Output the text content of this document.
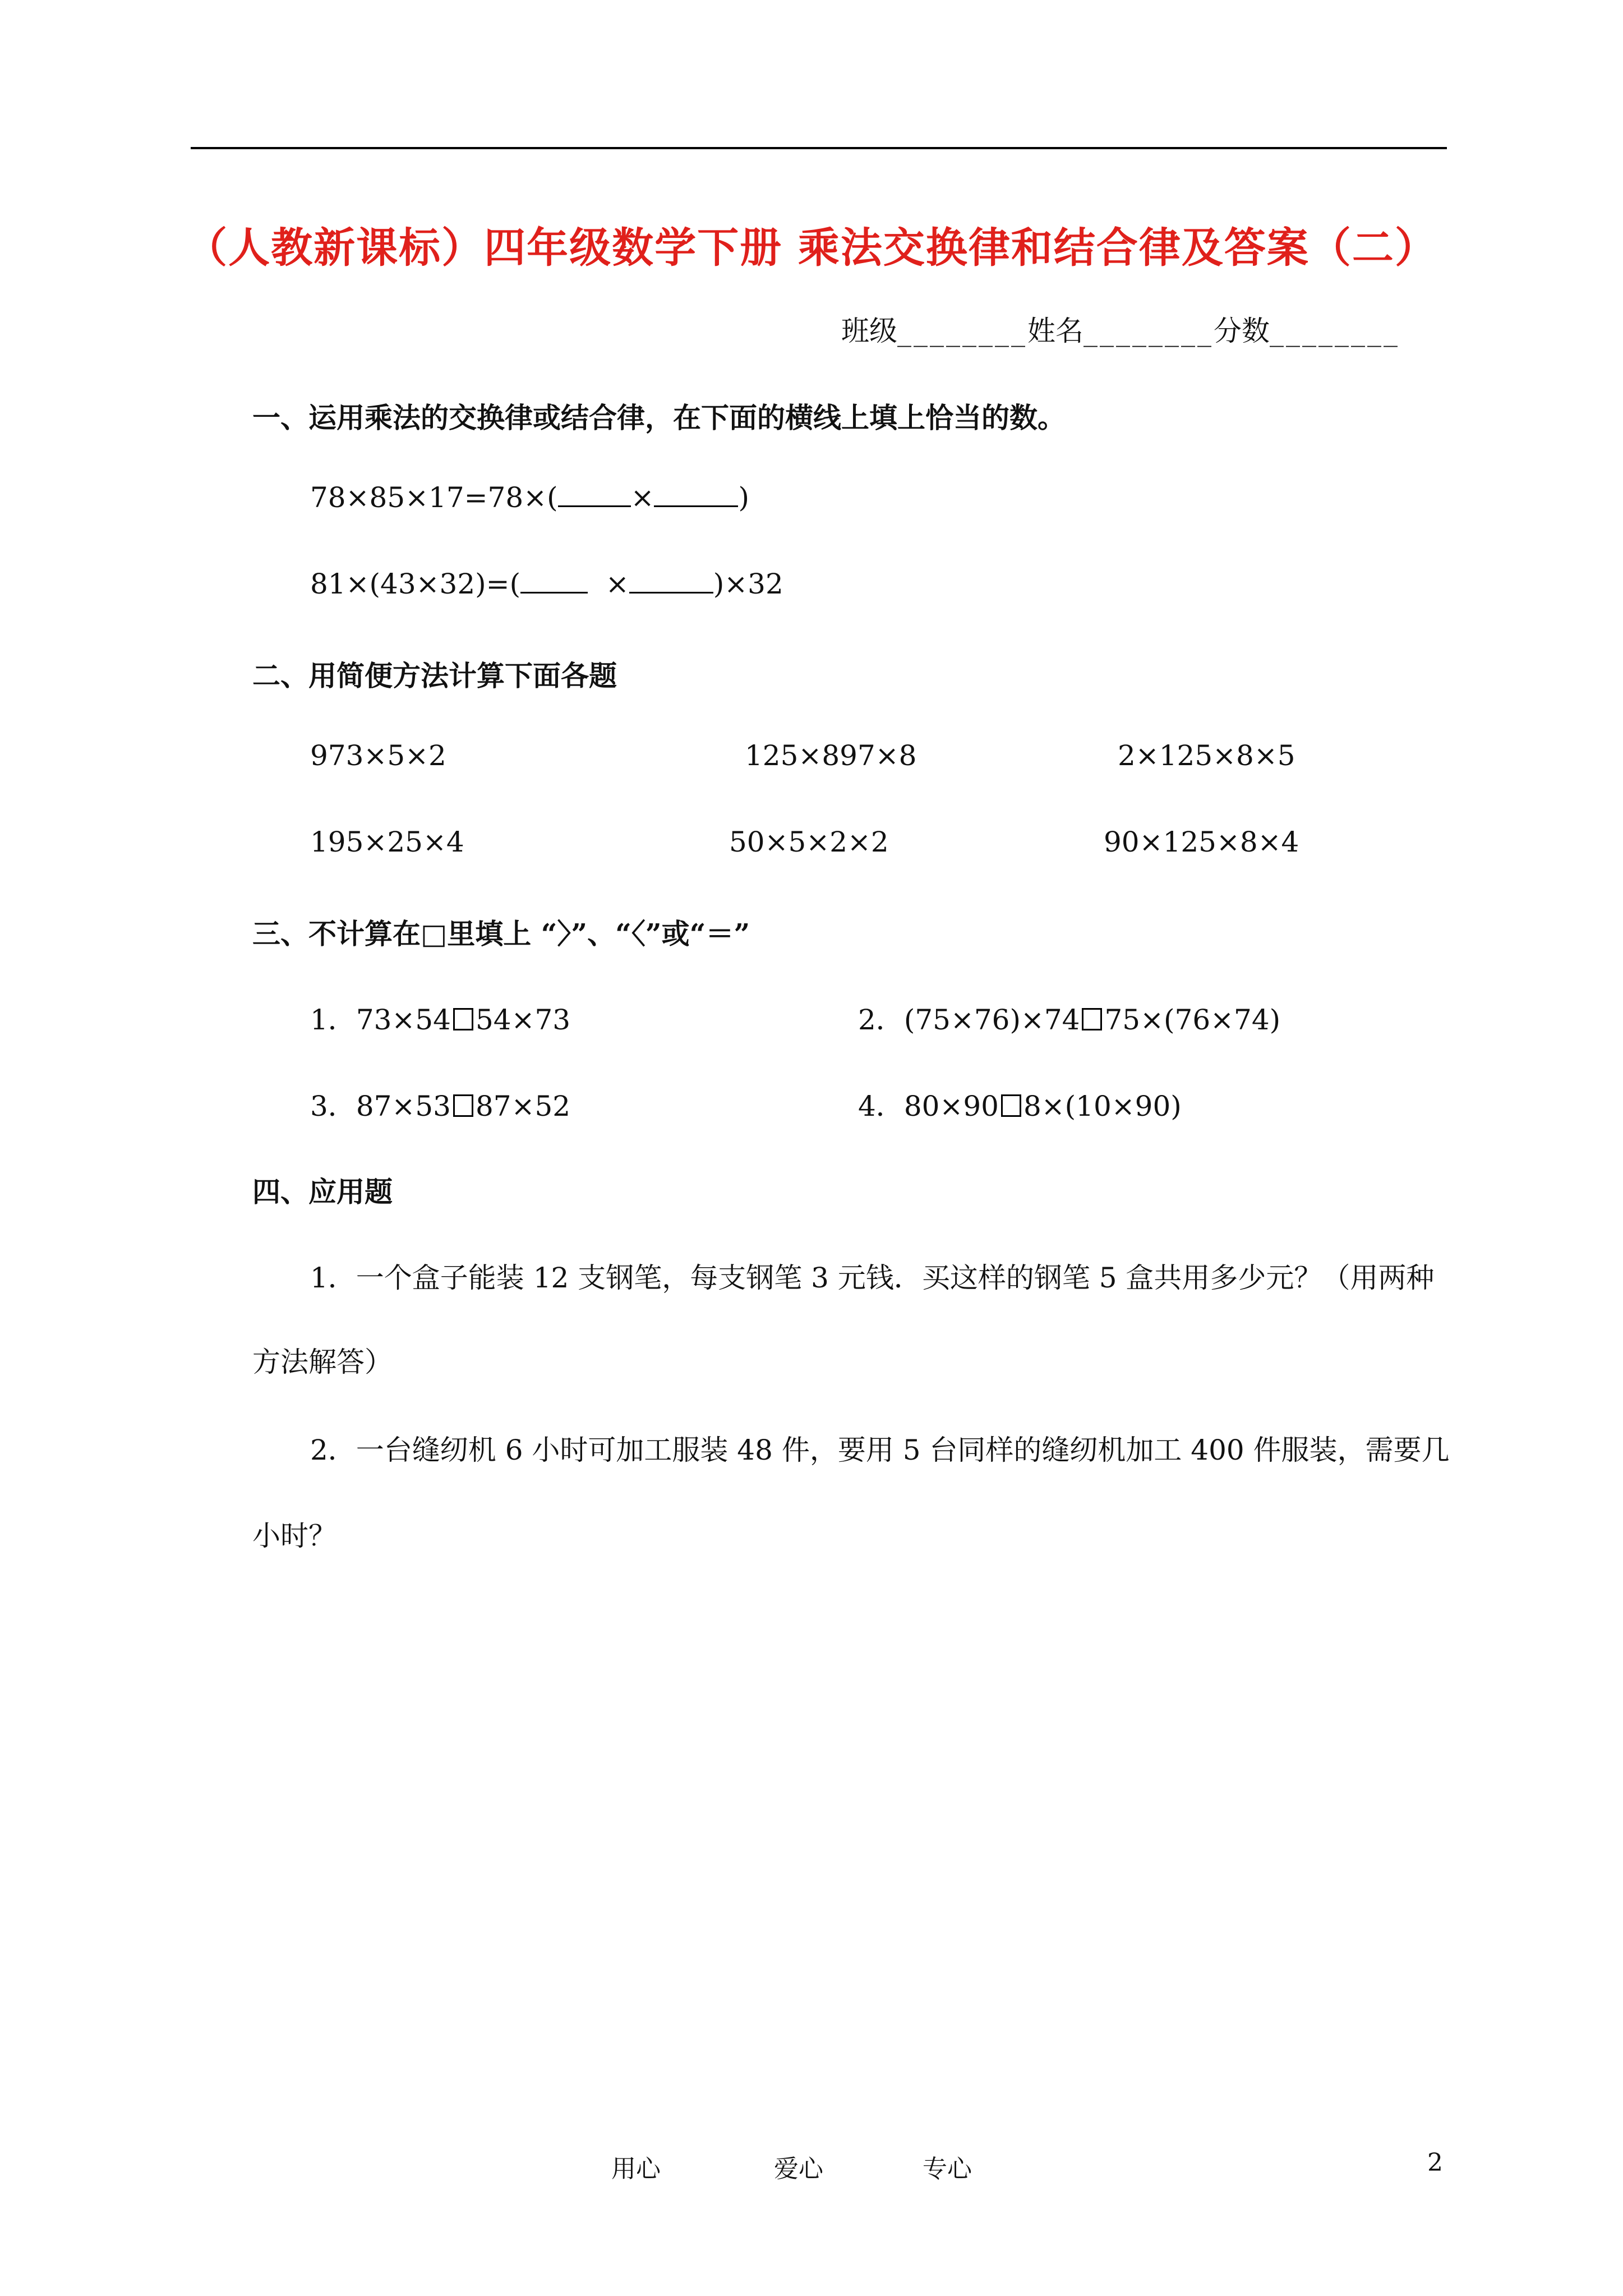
（人教新课标）四年级数学下册 乘法交换律和结合律及答案（二）
班级________姓名________分数________
一、运用乘法的交换律或结合律，在下面的横线上填上恰当的数。
78×85×17=78×(	×	)
81×(43×32)=(	×	)×32
二、用简便方法计算下面各题
973×5×2	125×897×8	2×125×8×5
195×25×4	50×5×2×2	90×125×8×4
三、不计算在□里填上 “〉”、“〈”或“＝”
1．73×54 54×73	2．(75×76)×74 75×(76×74)
3．87×53 87×52	4．80×90 8×(10×90)
四、应用题
1．一个盒子能装 12 支钢笔，每支钢笔 3 元钱．买这样的钢笔 5 盒共用多少元？（用两种
方法解答）
2．一台缝纫机 6 小时可加工服装 48 件，要用 5 台同样的缝纫机加工 400 件服装，需要几
小时？
用心	爱心	专心	2
